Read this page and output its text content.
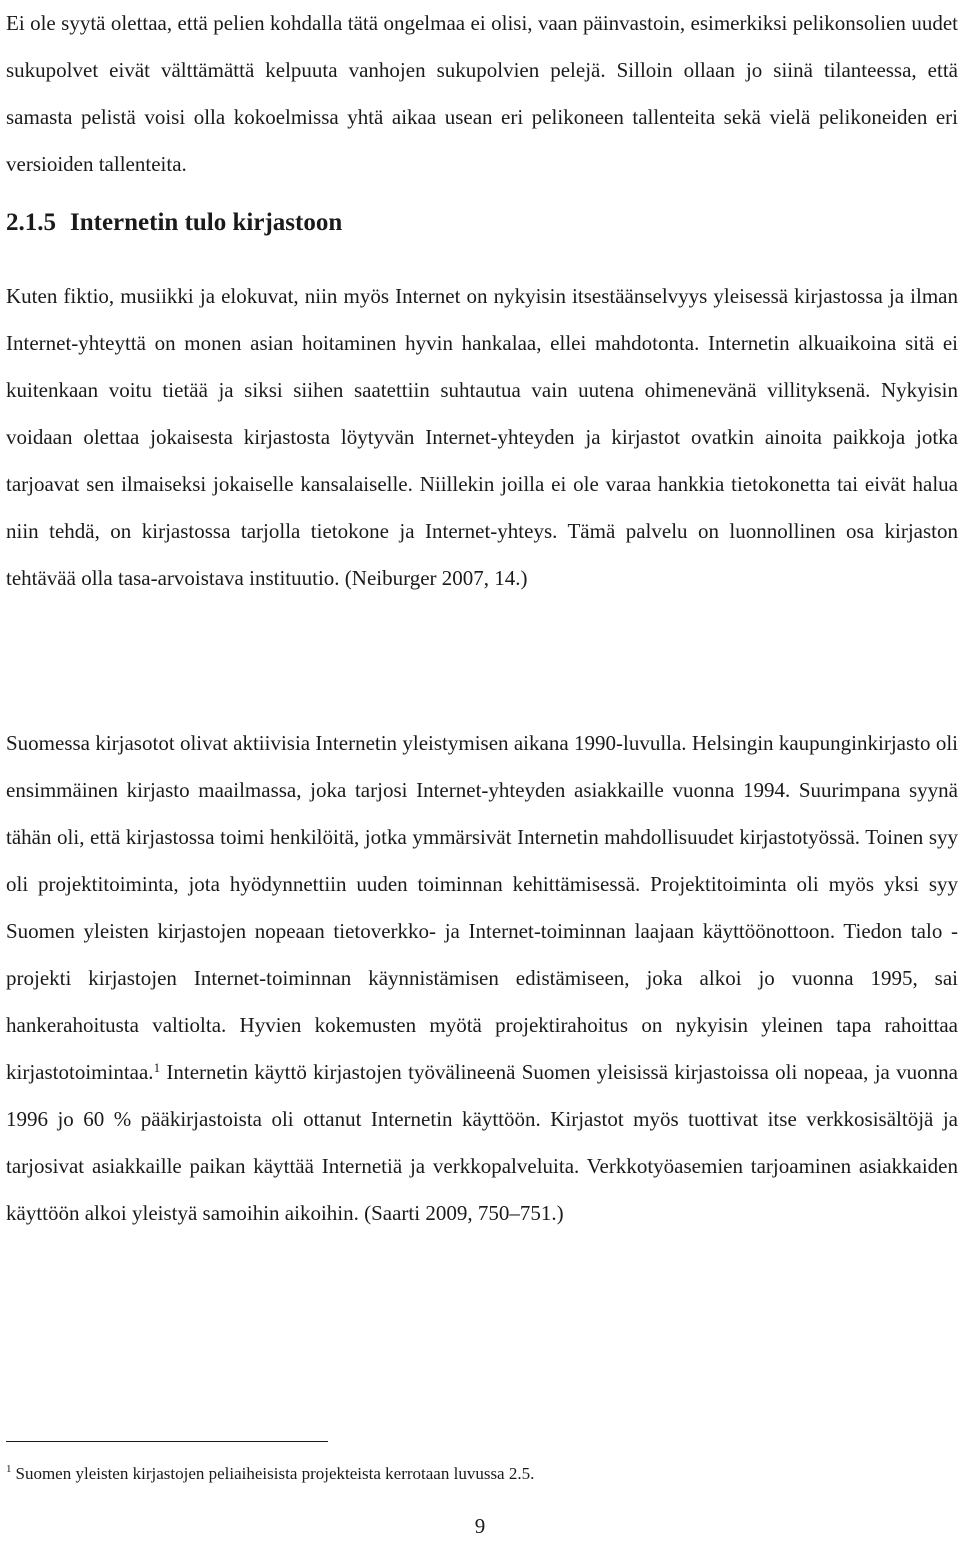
Ei ole syytä olettaa, että pelien kohdalla tätä ongelmaa ei olisi, vaan päinvastoin, esimerkiksi pelikonsolien uudet sukupolvet eivät välttämättä kelpuuta vanhojen sukupolvien pelejä. Silloin ollaan jo siinä tilanteessa, että samasta pelistä voisi olla kokoelmissa yhtä aikaa usean eri pelikoneen tallenteita sekä vielä pelikoneiden eri versioiden tallenteita.

2.1.5 Internetin tulo kirjastoon

Kuten fiktio, musiikki ja elokuvat, niin myös Internet on nykyisin itsestäänselvyys yleisessä kirjastossa ja ilman Internet-yhteyttä on monen asian hoitaminen hyvin hankalaa, ellei mahdotonta. Internetin alkuaikoina sitä ei kuitenkaan voitu tietää ja siksi siihen saatettiin suhtautua vain uutena ohimenevänä villityksenä. Nykyisin voidaan olettaa jokaisesta kirjastosta löytyvän Internet-yhteyden ja kirjastot ovatkin ainoita paikkoja jotka tarjoavat sen ilmaiseksi jokaiselle kansalaiselle. Niillekin joilla ei ole varaa hankkia tietokonetta tai eivät halua niin tehdä, on kirjastossa tarjolla tietokone ja Internet-yhteys. Tämä palvelu on luonnollinen osa kirjaston tehtävää olla tasa-arvoistava instituutio. (Neiburger 2007, 14.)

Suomessa kirjasotot olivat aktiivisia Internetin yleistymisen aikana 1990-luvulla. Helsingin kaupunginkirjasto oli ensimmäinen kirjasto maailmassa, joka tarjosi Internet-yhteyden asiakkaille vuonna 1994. Suurimpana syynä tähän oli, että kirjastossa toimi henkilöitä, jotka ymmärsivät Internetin mahdollisuudet kirjastotyössä. Toinen syy oli projektitoiminta, jota hyödynnettiin uuden toiminnan kehittämisessä. Projektitoiminta oli myös yksi syy Suomen yleisten kirjastojen nopeaan tietoverkko- ja Internet-toiminnan laajaan käyttöönottoon. Tiedon talo -projekti kirjastojen Internet-toiminnan käynnistämisen edistämiseen, joka alkoi jo vuonna 1995, sai hankerahoitusta valtiolta. Hyvien kokemusten myötä projektirahoitus on nykyisin yleinen tapa rahoittaa kirjastotoimintaa.$^1$ Internetin käyttö kirjastojen työvälineenä Suomen yleisissä kirjastoissa oli nopeaa, ja vuonna 1996 jo 60 % pääkirjastoista oli ottanut Internetin käyttöön. Kirjastot myös tuottivat itse verkkosisältöjä ja tarjosivat asiakkaille paikan käyttää Internetiä ja verkkopalveluita. Verkkotyöasemien tarjoaminen asiakkaiden käyttöön alkoi yleistyä samoihin aikoihin. (Saarti 2009, 750–751.)

$^1$ Suomen yleisten kirjastojen peliaiheisista projekteista kerrotaan luvussa 2.5.

9
